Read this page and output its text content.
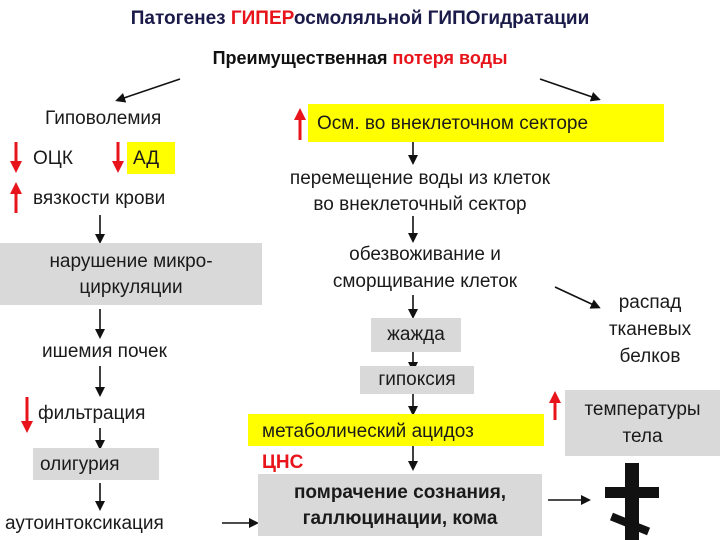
Патогенез ГИПЕРосмоляльной ГИПОгидратации
Преимущественная потеря воды
Гиповолемия
ОЦК	АД
вязкости крови
нарушение микро-
циркуляции
ишемия почек
фильтрация
олигурия
аутоинтоксикация
Осм. во внеклеточном секторе
перемещение воды из клеток
во внеклеточный сектор
обезвоживание и
сморщивание клеток
жажда
гипоксия
метаболический ацидоз
ЦНС
помрачение сознания,
галлюцинации, кома
распад
тканевых
белков
температуры
тела
